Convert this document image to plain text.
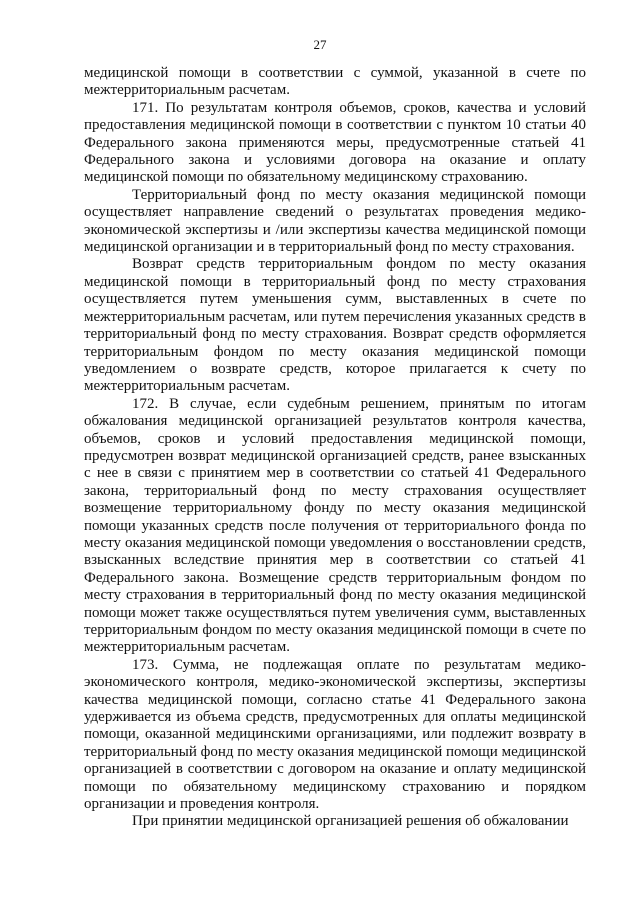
27

медицинской помощи в соответствии с суммой, указанной в счете по межтерриториальным расчетам.

171. По результатам контроля объемов, сроков, качества и условий предоставления медицинской помощи в соответствии с пунктом 10 статьи 40 Федерального закона применяются меры, предусмотренные статьей 41 Федерального закона и условиями договора на оказание и оплату медицинской помощи по обязательному медицинскому страхованию.

Территориальный фонд по месту оказания медицинской помощи осуществляет направление сведений о результатах проведения медико-экономической экспертизы и /или экспертизы качества медицинской помощи медицинской организации и в территориальный фонд по месту страхования.

Возврат средств территориальным фондом по месту оказания медицинской помощи в территориальный фонд по месту страхования осуществляется путем уменьшения сумм, выставленных в счете по межтерриториальным расчетам, или путем перечисления указанных средств в территориальный фонд по месту страхования. Возврат средств оформляется территориальным фондом по месту оказания медицинской помощи уведомлением о возврате средств, которое прилагается к счету по межтерриториальным расчетам.

172. В случае, если судебным решением, принятым по итогам обжалования медицинской организацией результатов контроля качества, объемов, сроков и условий предоставления медицинской помощи, предусмотрен возврат медицинской организацией средств, ранее взысканных с нее в связи с принятием мер в соответствии со статьей 41 Федерального закона, территориальный фонд по месту страхования осуществляет возмещение территориальному фонду по месту оказания медицинской помощи указанных средств после получения от территориального фонда по месту оказания медицинской помощи уведомления о восстановлении средств, взысканных вследствие принятия мер в соответствии со статьей 41 Федерального закона. Возмещение средств территориальным фондом по месту страхования в территориальный фонд по месту оказания медицинской помощи может также осуществляться путем увеличения сумм, выставленных территориальным фондом по месту оказания медицинской помощи в счете по межтерриториальным расчетам.

173. Сумма, не подлежащая оплате по результатам медико-экономического контроля, медико-экономической экспертизы, экспертизы качества медицинской помощи, согласно статье 41 Федерального закона удерживается из объема средств, предусмотренных для оплаты медицинской помощи, оказанной медицинскими организациями, или подлежит возврату в территориальный фонд по месту оказания медицинской помощи медицинской организацией в соответствии с договором на оказание и оплату медицинской помощи по обязательному медицинскому страхованию и порядком организации и проведения контроля.

При принятии медицинской организацией решения об обжаловании
